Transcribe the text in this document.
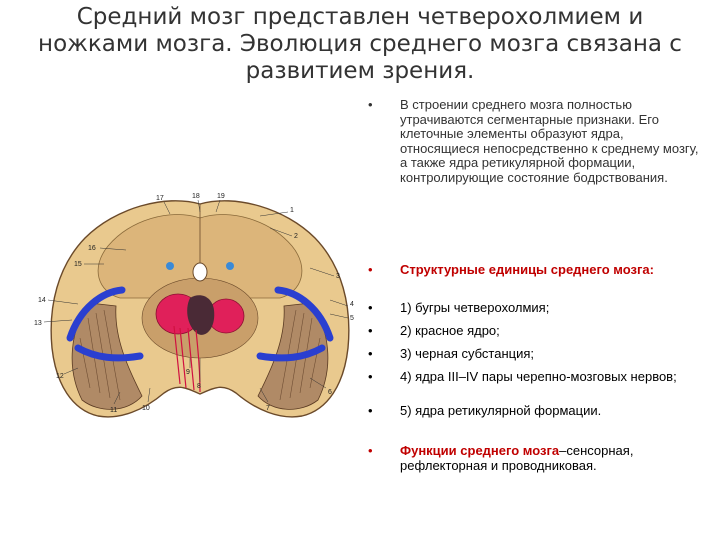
Средний мозг представлен четверохолмием и ножками мозга. Эволюция среднего мозга связана с развитием зрения.
1
2
3
4
5
6
7
8
9
10
11
12
13
14
15
16
17	18 19
• В строении среднего мозга полностью утрачиваются сегментарные признаки. Его клеточные элементы образуют ядра, относящиеся непосредственно к среднему мозгу, а также ядра ретикулярной формации, контролирующие состояние бодрствования.
• Структурные единицы среднего мозга:
• 1) бугры четверохолмия;
• 2) красное ядро;
• 3) черная субстанция;
• 4) ядра III–IV пары черепно-мозговых нервов;
• 5) ядра ретикулярной формации.
• Функции среднего мозга–сенсорная, рефлекторная и проводниковая.
